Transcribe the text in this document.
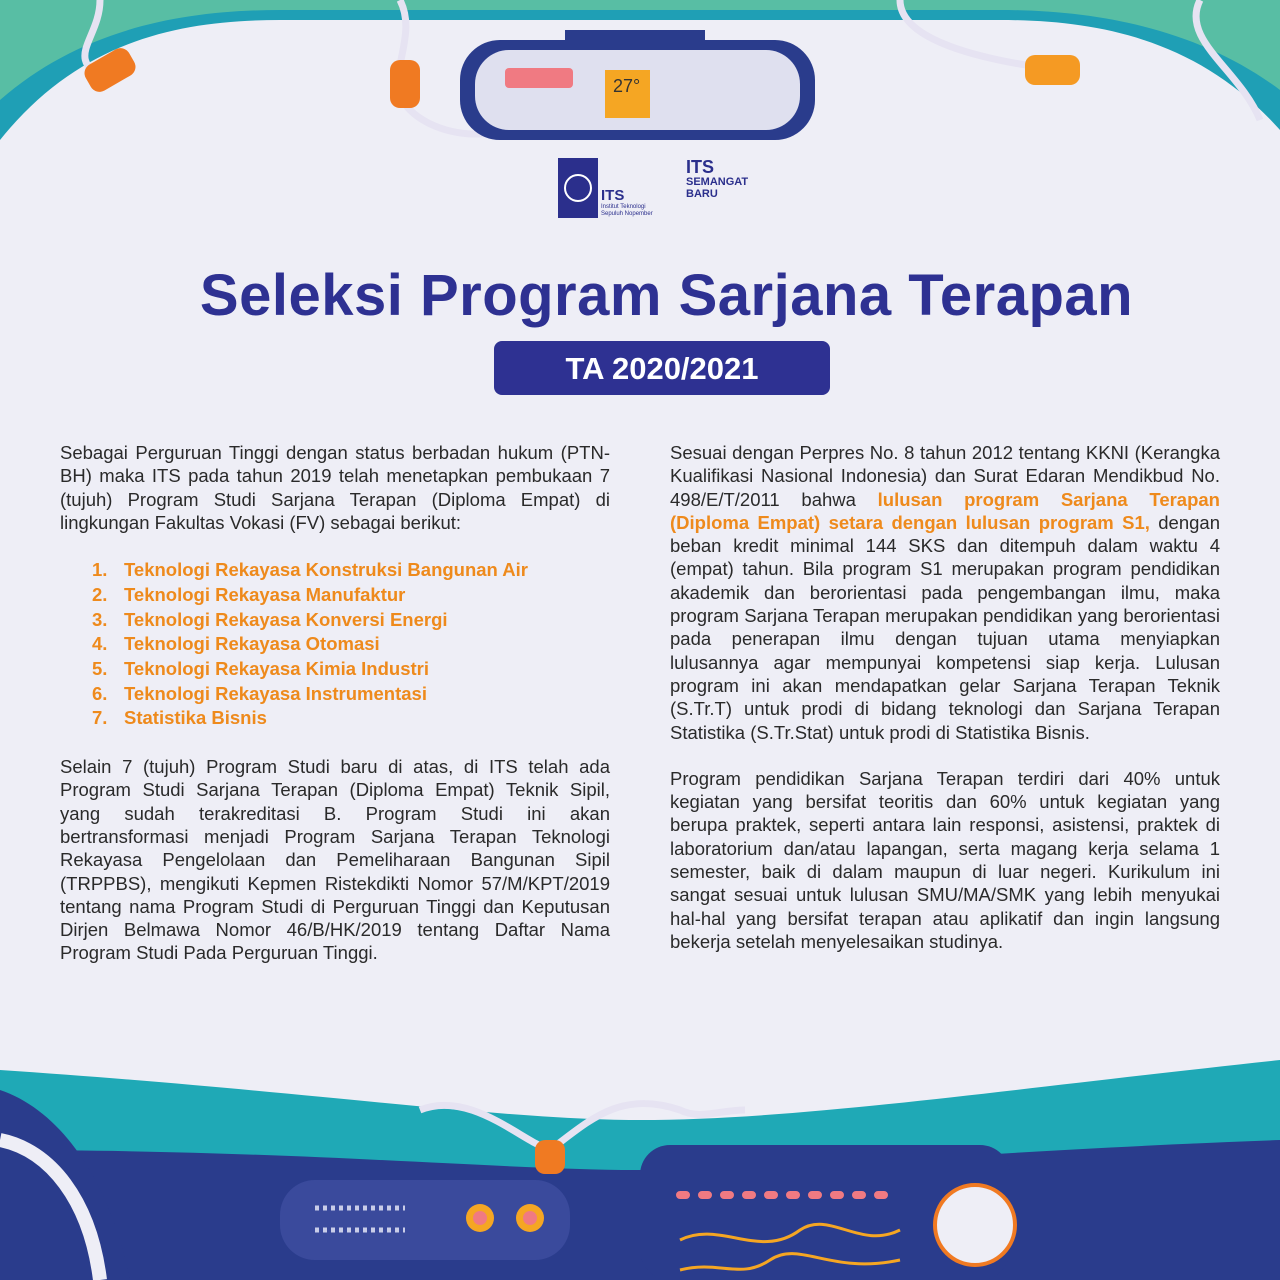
27°
ITS
Institut Teknologi Sepuluh Nopember
ITS
SEMANGAT
BARU
Seleksi Program Sarjana Terapan
TA 2020/2021

Sebagai Perguruan Tinggi dengan status berbadan hukum (PTN-BH) maka ITS pada tahun 2019 telah menetapkan pembukaan 7 (tujuh) Program Studi Sarjana Terapan (Diploma Empat) di lingkungan Fakultas Vokasi (FV) sebagai berikut:

1. Teknologi Rekayasa Konstruksi Bangunan Air
2. Teknologi Rekayasa Manufaktur
3. Teknologi Rekayasa Konversi Energi
4. Teknologi Rekayasa Otomasi
5. Teknologi Rekayasa Kimia Industri
6. Teknologi Rekayasa Instrumentasi
7. Statistika Bisnis

Selain 7 (tujuh) Program Studi baru di atas, di ITS telah ada Program Studi Sarjana Terapan (Diploma Empat) Teknik Sipil, yang sudah terakreditasi B. Program Studi ini akan bertransformasi menjadi Program Sarjana Terapan Teknologi Rekayasa Pengelolaan dan Pemeliharaan Bangunan Sipil (TRPPBS), mengikuti Kepmen Ristekdikti Nomor 57/M/KPT/2019 tentang nama Program Studi di Perguruan Tinggi dan Keputusan Dirjen Belmawa Nomor 46/B/HK/2019 tentang Daftar Nama Program Studi Pada Perguruan Tinggi.

Sesuai dengan Perpres No. 8 tahun 2012 tentang KKNI (Kerangka Kualifikasi Nasional Indonesia) dan Surat Edaran Mendikbud No. 498/E/T/2011 bahwa lulusan program Sarjana Terapan (Diploma Empat) setara dengan lulusan program S1, dengan beban kredit minimal 144 SKS dan ditempuh dalam waktu 4 (empat) tahun. Bila program S1 merupakan program pendidikan akademik dan berorientasi pada pengembangan ilmu, maka program Sarjana Terapan merupakan pendidikan yang berorientasi pada penerapan ilmu dengan tujuan utama menyiapkan lulusannya agar mempunyai kompetensi siap kerja. Lulusan program ini akan mendapatkan gelar Sarjana Terapan Teknik (S.Tr.T) untuk prodi di bidang teknologi dan Sarjana Terapan Statistika (S.Tr.Stat) untuk prodi di Statistika Bisnis.

Program pendidikan Sarjana Terapan terdiri dari 40% untuk kegiatan yang bersifat teoritis dan 60% untuk kegiatan yang berupa praktek, seperti antara lain responsi, asistensi, praktek di laboratorium dan/atau lapangan, serta magang kerja selama 1 semester, baik di dalam maupun di luar negeri. Kurikulum ini sangat sesuai untuk lulusan SMU/MA/SMK yang lebih menyukai hal-hal yang bersifat terapan atau aplikatif dan ingin langsung bekerja setelah menyelesaikan studinya.
